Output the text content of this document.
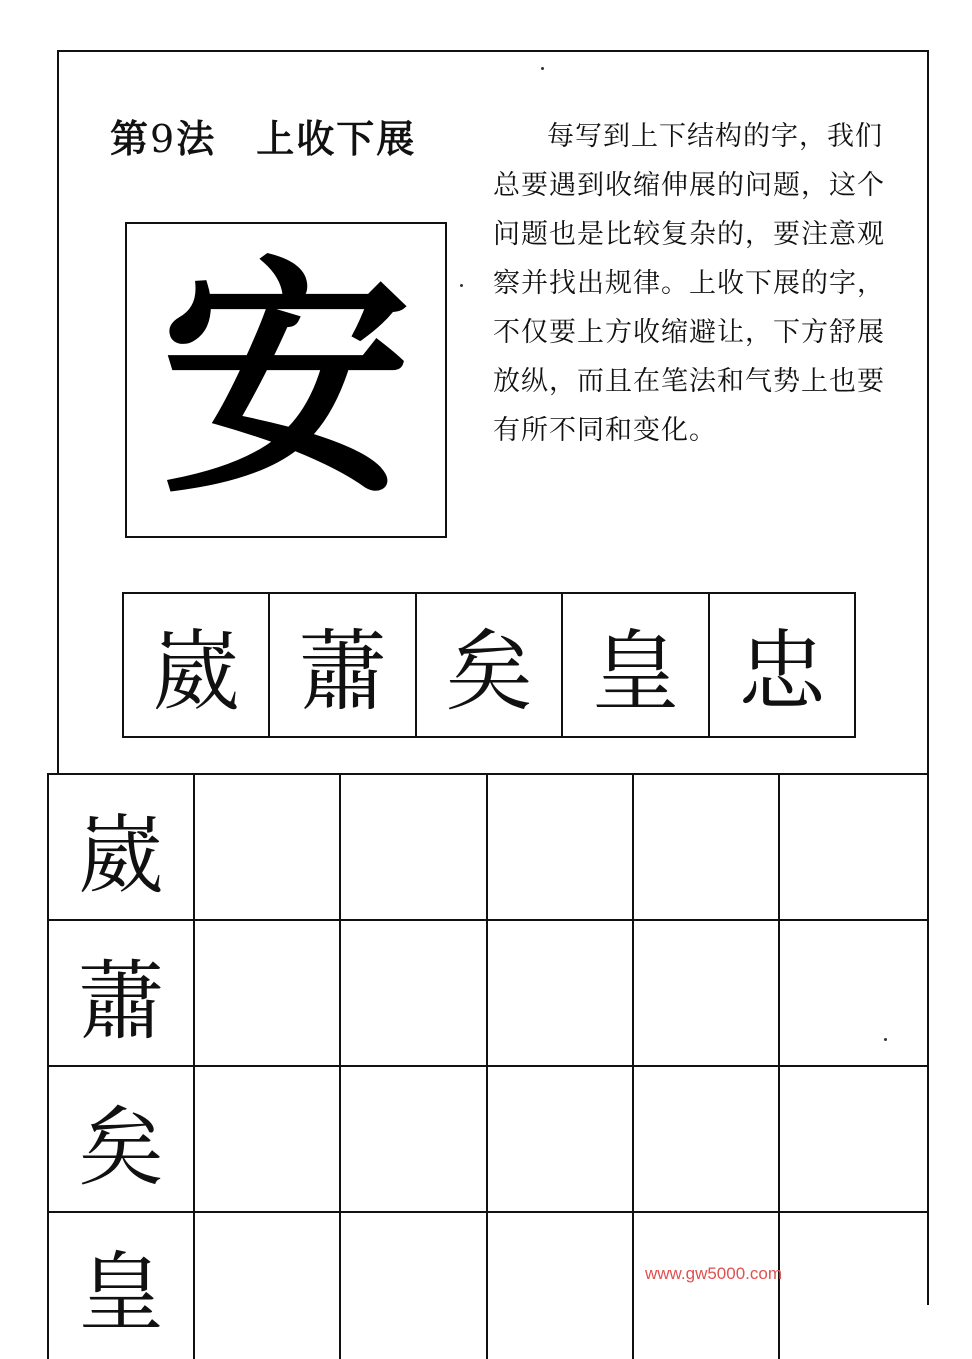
第9法 上收下展	每写到上下结构的字，我们总要遇到收缩伸展的问题，这个问题也是比较复杂的，要注意观察并找出规律。上收下展的字，不仅要上方收缩避让，下方舒展放纵，而且在笔法和气势上也要有所不同和变化。
安
崴 蕭 矣 皇 忠
崴
蕭
矣
皇	www.gw5000.com
